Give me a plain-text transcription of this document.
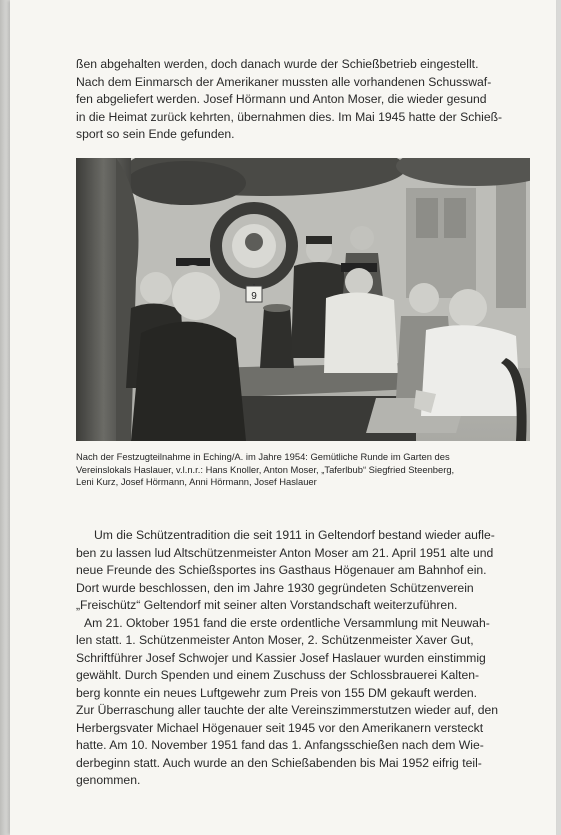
ßen abgehalten werden, doch danach wurde der Schießbetrieb eingestellt.
Nach dem Einmarsch der Amerikaner mussten alle vorhandenen Schusswaf-
fen abgeliefert werden. Josef Hörmann und Anton Moser, die wieder gesund
in die Heimat zurück kehrten, übernahmen dies. Im Mai 1945 hatte der Schieß-
sport so sein Ende gefunden.
9
Nach der Festzugteilnahme in Eching/A. im Jahre 1954: Gemütliche Runde im Garten des
Vereinslokals Haslauer, v.l.n.r.: Hans Knoller, Anton Moser, „Taferlbub“ Siegfried Steenberg,
Leni Kurz, Josef Hörmann, Anni Hörmann, Josef Haslauer
Um die Schützentradition die seit 1911 in Geltendorf bestand wieder aufle-
ben zu lassen lud Altschützenmeister Anton Moser am 21. April 1951 alte und
neue Freunde des Schießsportes ins Gasthaus Högenauer am Bahnhof ein.
Dort wurde beschlossen, den im Jahre 1930 gegründeten Schützenverein
„Freischütz“ Geltendorf mit seiner alten Vorstandschaft weiterzuführen.
Am 21. Oktober 1951 fand die erste ordentliche Versammlung mit Neuwah-
len statt. 1. Schützenmeister Anton Moser, 2. Schützenmeister Xaver Gut,
Schriftführer Josef Schwojer und Kassier Josef Haslauer wurden einstimmig
gewählt. Durch Spenden und einem Zuschuss der Schlossbrauerei Kalten-
berg konnte ein neues Luftgewehr zum Preis von 155 DM gekauft werden.
Zur Überraschung aller tauchte der alte Vereinszimmerstutzen wieder auf, den
Herbergsvater Michael Högenauer seit 1945 vor den Amerikanern versteckt
hatte. Am 10. November 1951 fand das 1. Anfangsschießen nach dem Wie-
derbeginn statt. Auch wurde an den Schießabenden bis Mai 1952 eifrig teil-
genommen.
